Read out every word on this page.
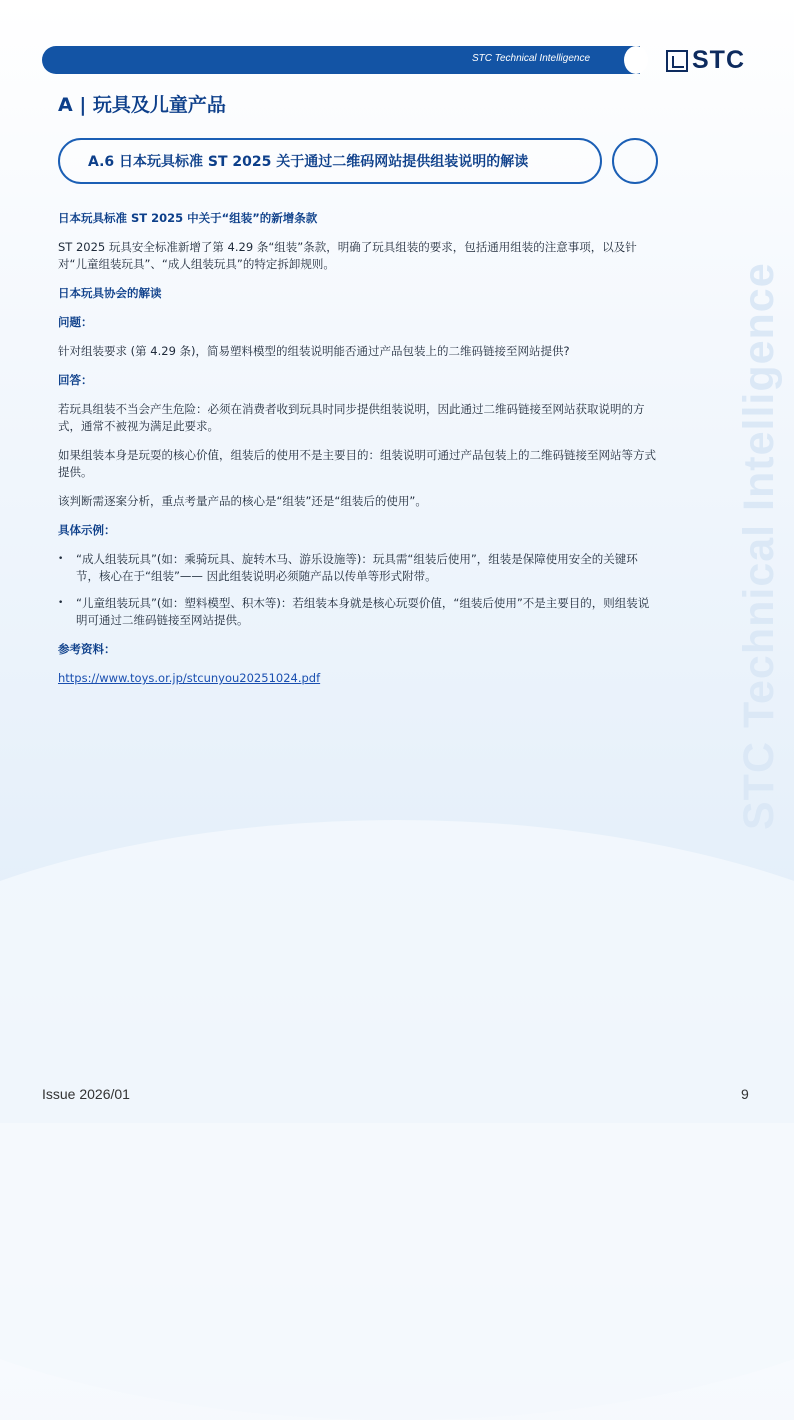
STC Technical Intelligence	STC
A | 玩具及儿童产品
A.6 日本玩具标准 ST 2025 关于通过二维码网站提供组装说明的解读
STC Technical Intelligence

日本玩具标准 ST 2025 中关于“组装”的新增条款

ST 2025 玩具安全标准新增了第 4.29 条“组装”条款，明确了玩具组装的要求，包括通用组装的注意事项，以及针对“儿童组装玩具”、“成人组装玩具”的特定拆卸规则。

日本玩具协会的解读

问题：

针对组装要求 (第 4.29 条)，简易塑料模型的组装说明能否通过产品包装上的二维码链接至网站提供?

回答：

若玩具组装不当会产生危险：必须在消费者收到玩具时同步提供组装说明，因此通过二维码链接至网站获取说明的方式，通常不被视为满足此要求。

如果组装本身是玩耍的核心价值，组装后的使用不是主要目的：组装说明可通过产品包装上的二维码链接至网站等方式提供。

该判断需逐案分析，重点考量产品的核心是“组装”还是“组装后的使用”。

具体示例：

• “成人组装玩具”(如：乘骑玩具、旋转木马、游乐设施等)：玩具需“组装后使用”，组装是保障使用安全的关键环节，核心在于“组装”—— 因此组装说明必须随产品以传单等形式附带。
• “儿童组装玩具”(如：塑料模型、积木等)：若组装本身就是核心玩耍价值，“组装后使用”不是主要目的，则组装说明可通过二维码链接至网站提供。

参考资料：

https://www.toys.or.jp/stcunyou20251024.pdf
Issue 2026/01	9
